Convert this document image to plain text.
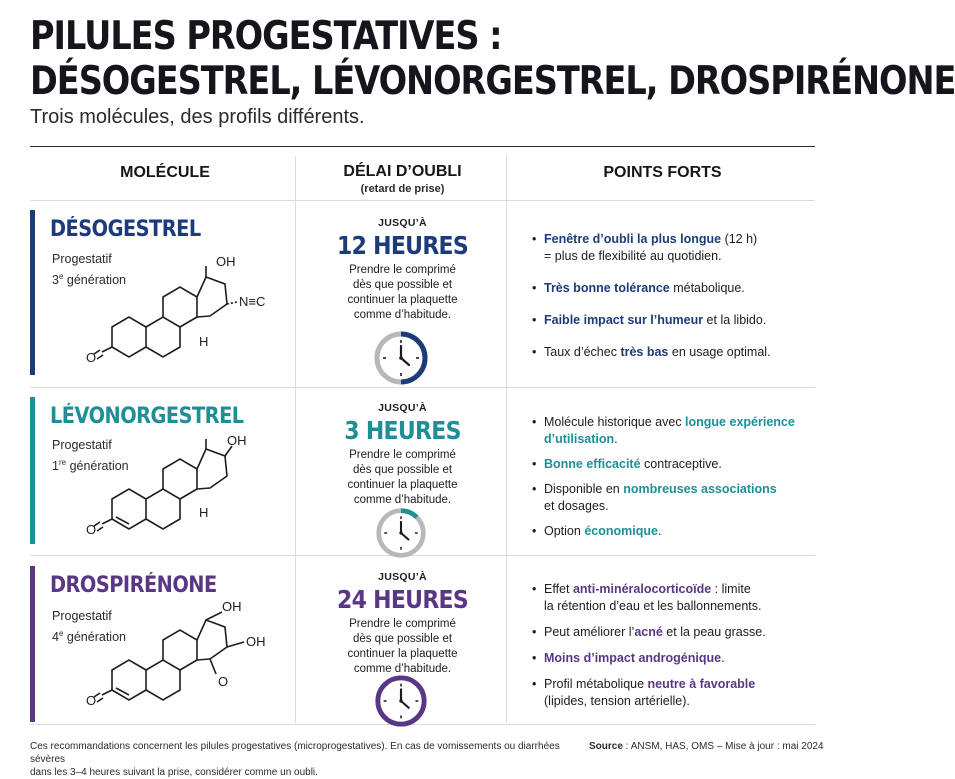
PILULES PROGESTATIVES :
DÉSOGESTREL, LÉVONORGESTREL, DROSPIRÉNONE
Trois molécules, des profils différents.
MOLÉCULE	DÉLAI D’OUBLI
(retard de prise)
POINTS FORTS
DÉSOGESTREL
Progestatif
3e génération
O
H
OH
N≡C
JUSQU’À
12 HEURES
Prendre le comprimé
dès que possible et
continuer la plaquette
comme d’habitude.
• Fenêtre d’oubli la plus longue (12 h)
= plus de flexibilité au quotidien.
• Très bonne tolérance métabolique.
• Faible impact sur l’humeur et la libido.
• Taux d’échec très bas en usage optimal.
LÉVONORGESTREL
Progestatif
1re génération
O
H
OH
JUSQU’À
3 HEURES
Prendre le comprimé
dès que possible et
continuer la plaquette
comme d’habitude.
• Molécule historique avec longue expérience
d’utilisation.
• Bonne efficacité contraceptive.
• Disponible en nombreuses associations
et dosages.
• Option économique.
DROSPIRÉNONE
Progestatif
4e génération
O
O
OH
OH
JUSQU’À
24 HEURES
Prendre le comprimé
dès que possible et
continuer la plaquette
comme d’habitude.
• Effet anti-minéralocorticoïde : limite
la rétention d’eau et les ballonnements.
• Peut améliorer l’acné et la peau grasse.
• Moins d’impact androgénique.
• Profil métabolique neutre à favorable
(lipides, tension artérielle).
Ces recommandations concernent les pilules progestatives (microprogestatives). En cas de vomissements ou diarrhées sévères
dans les 3–4 heures suivant la prise, considérer comme un oubli.
Source : ANSM, HAS, OMS – Mise à jour : mai 2024
